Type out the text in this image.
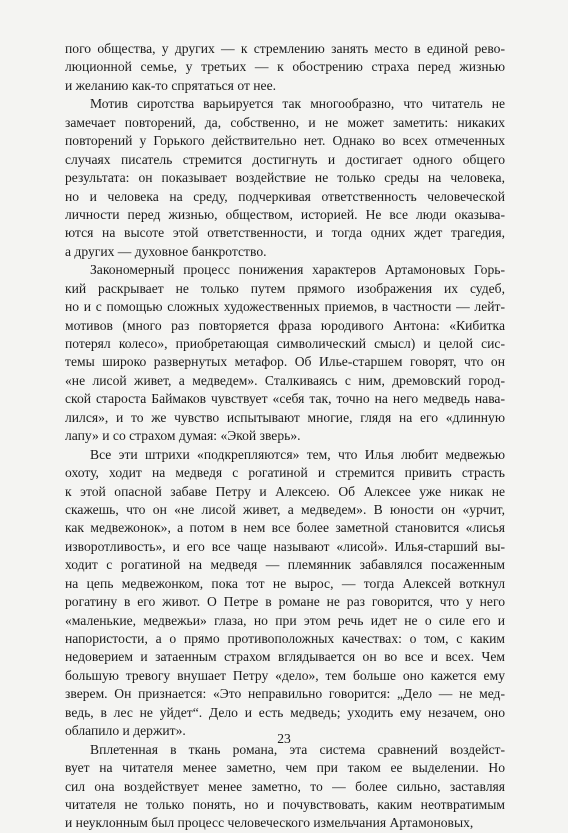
пого общества, у других — к стремлению занять место в единой рево-
люционной семье, у третьих — к обострению страха перед жизнью
и желанию как-то спрятаться от нее.
Мотив сиротства варьируется так многообразно, что читатель не
замечает повторений, да, собственно, и не может заметить: никаких
повторений у Горького действительно нет. Однако во всех отмеченных
случаях писатель стремится достигнуть и достигает одного общего
результата: он показывает воздействие не только среды на человека,
но и человека на среду, подчеркивая ответственность человеческой
личности перед жизнью, обществом, историей. Не все люди оказыва-
ются на высоте этой ответственности, и тогда одних ждет трагедия,
а других — духовное банкротство.
Закономерный процесс понижения характеров Артамоновых Горь-
кий раскрывает не только путем прямого изображения их судеб,
но и с помощью сложных художественных приемов, в частности — лейт-
мотивов (много раз повторяется фраза юродивого Антона: «Кибитка
потерял колесо», приобретающая символический смысл) и целой сис-
темы широко развернутых метафор. Об Илье-старшем говорят, что он
«не лисой живет, а медведем». Сталкиваясь с ним, дремовский город-
ской староста Баймаков чувствует «себя так, точно на него медведь нава-
лился», и то же чувство испытывают многие, глядя на его «длинную
лапу» и со страхом думая: «Экой зверь».
Все эти штрихи «подкрепляются» тем, что Илья любит медвежью
охоту, ходит на медведя с рогатиной и стремится привить страсть
к этой опасной забаве Петру и Алексею. Об Алексее уже никак не
скажешь, что он «не лисой живет, а медведем». В юности он «урчит,
как медвежонок», а потом в нем все более заметной становится «лисья
изворотливость», и его все чаще называют «лисой». Илья-старший вы-
ходит с рогатиной на медведя — племянник забавлялся посаженным
на цепь медвежонком, пока тот не вырос, — тогда Алексей воткнул
рогатину в его живот. О Петре в романе не раз говорится, что у него
«маленькие, медвежьи» глаза, но при этом речь идет не о силе его и
напористости, а о прямо противоположных качествах: о том, с каким
недоверием и затаенным страхом вглядывается он во все и всех. Чем
большую тревогу внушает Петру «дело», тем больше оно кажется ему
зверем. Он признается: «Это неправильно говорится: „Дело — не мед-
ведь, в лес не уйдет“. Дело и есть медведь; уходить ему незачем, оно
облапило и держит».
Вплетенная в ткань романа, эта система сравнений воздейст-
вует на читателя менее заметно, чем при таком ее выделении. Но
сил она воздействует менее заметно, то — более сильно, заставляя
читателя не только понять, но и почувствовать, каким неотвратимым
и неуклонным был процесс человеческого измельчания Артамоновых,
23
